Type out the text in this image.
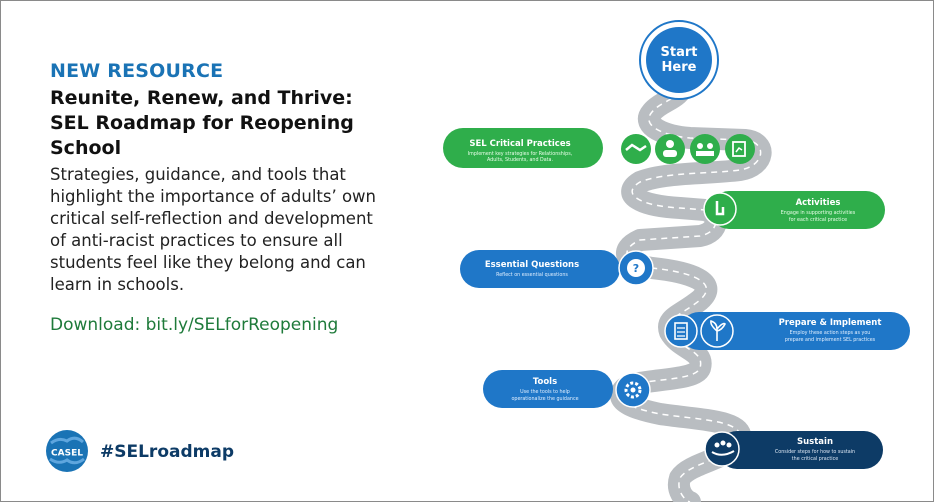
NEW RESOURCE
Reunite, Renew, and Thrive:
SEL Roadmap for Reopening School
Strategies, guidance, and tools that
highlight the importance of adults’ own
critical self-reflection and development
of anti-racist practices to ensure all
students feel like they belong and can
learn in schools.
Download: bit.ly/SELforReopening
CASEL #SELroadmap
Start
Here
SEL Critical Practices
Implement key strategies for Relationships,
Adults, Students, and Data.
Activities
Engage in supporting activities
for each critical practice
Essential Questions
Reflect on essential questions
?
Prepare & Implement
Employ these action steps as you
prepare and implement SEL practices
Tools
Use the tools to help
operationalize the guidance
Sustain
Consider steps for how to sustain
the critical practice
